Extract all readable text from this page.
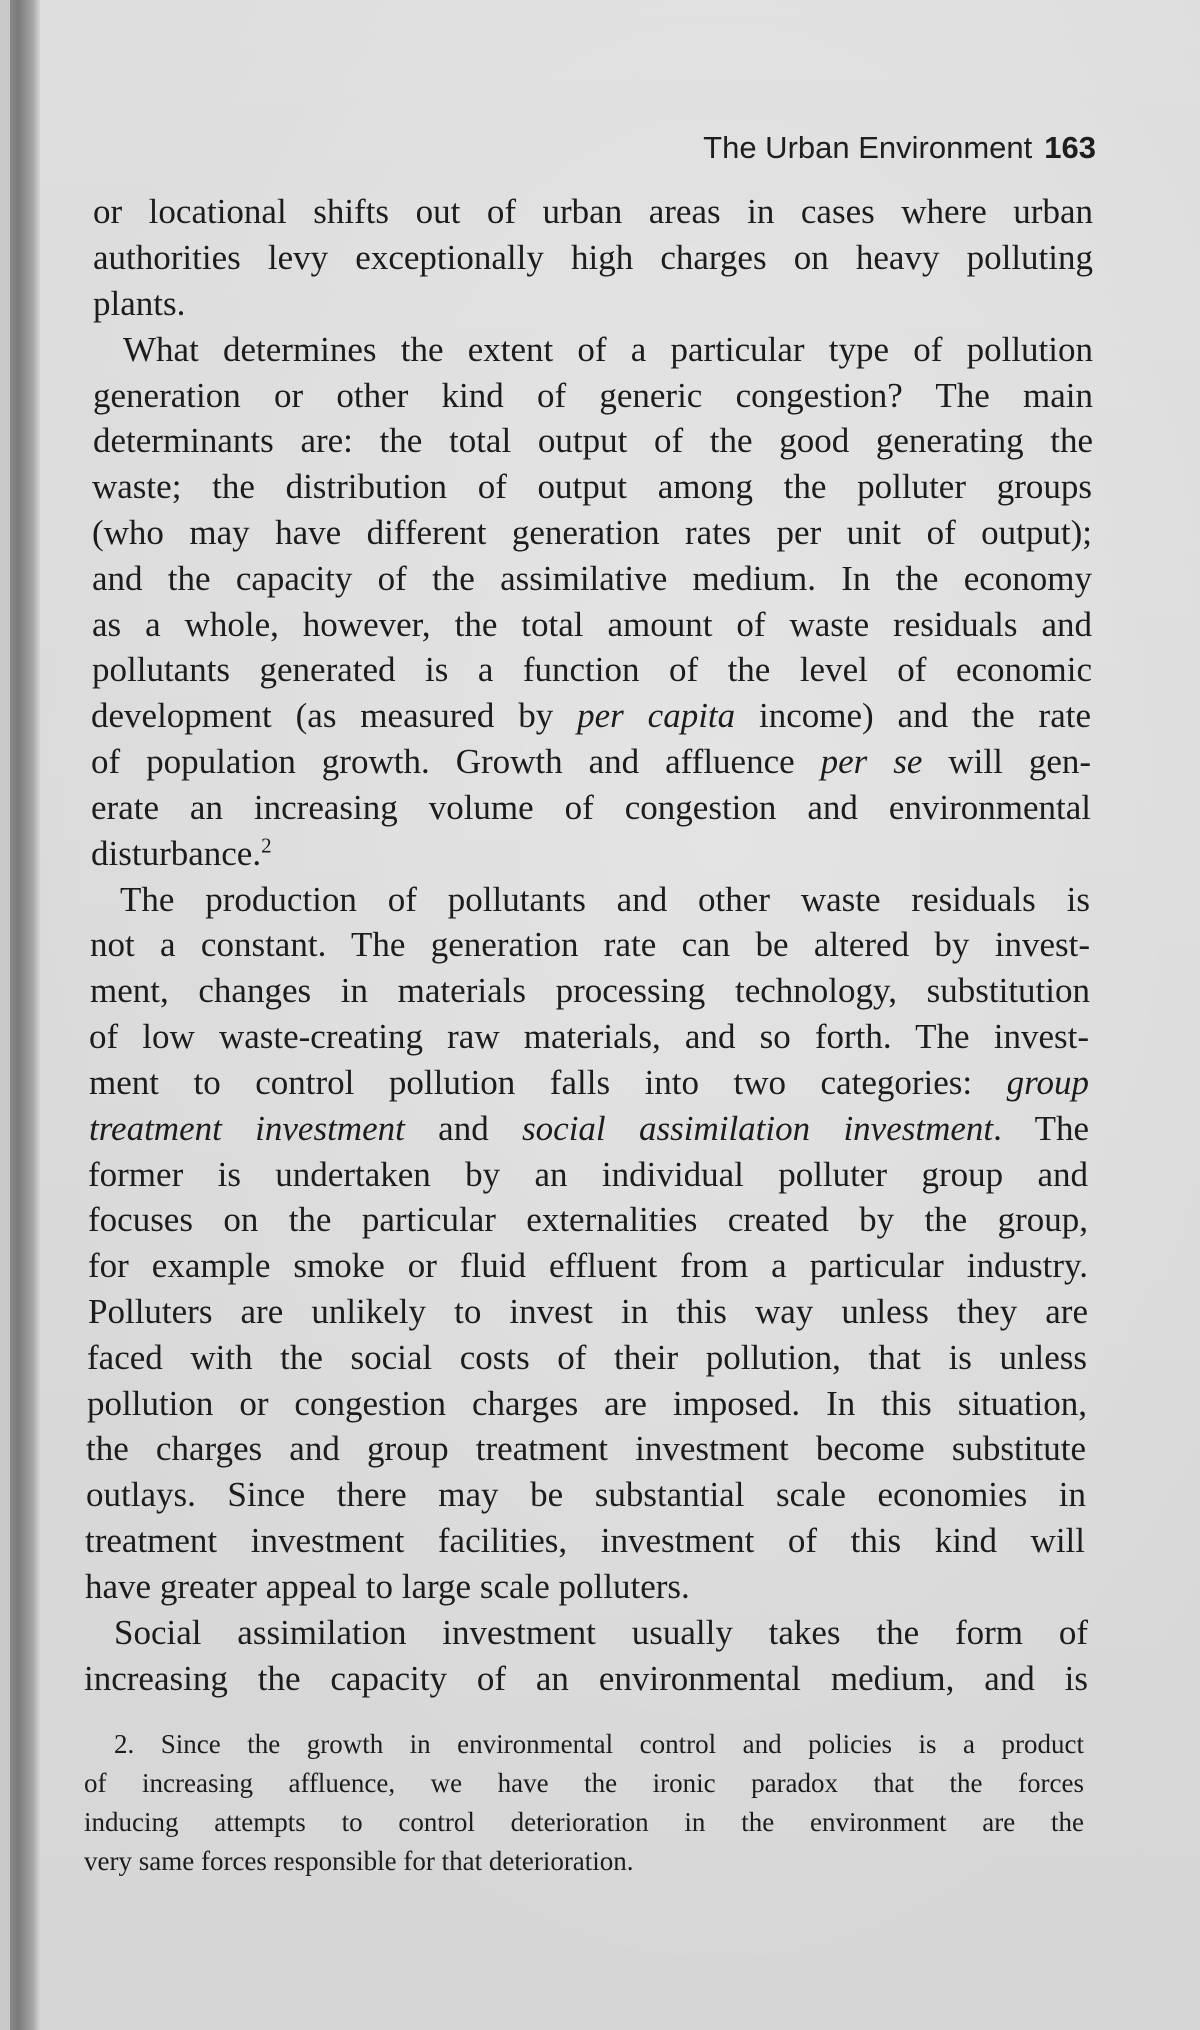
The Urban Environment 163
or locational shifts out of urban areas in cases where urban
authorities levy exceptionally high charges on heavy polluting
plants.
What determines the extent of a particular type of pollution
generation or other kind of generic congestion? The main
determinants are: the total output of the good generating the
waste; the distribution of output among the polluter groups
(who may have different generation rates per unit of output);
and the capacity of the assimilative medium. In the economy
as a whole, however, the total amount of waste residuals and
pollutants generated is a function of the level of economic
development (as measured by per capita income) and the rate
of population growth. Growth and affluence per se will gen-
erate an increasing volume of congestion and environmental
disturbance.$^2$
The production of pollutants and other waste residuals is
not a constant. The generation rate can be altered by invest-
ment, changes in materials processing technology, substitution
of low waste-creating raw materials, and so forth. The invest-
ment to control pollution falls into two categories: group
treatment investment and social assimilation investment. The
former is undertaken by an individual polluter group and
focuses on the particular externalities created by the group,
for example smoke or fluid effluent from a particular industry.
Polluters are unlikely to invest in this way unless they are
faced with the social costs of their pollution, that is unless
pollution or congestion charges are imposed. In this situation,
the charges and group treatment investment become substitute
outlays. Since there may be substantial scale economies in
treatment investment facilities, investment of this kind will
have greater appeal to large scale polluters.
Social assimilation investment usually takes the form of
increasing the capacity of an environmental medium, and is
2. Since the growth in environmental control and policies is a product
of increasing affluence, we have the ironic paradox that the forces
inducing attempts to control deterioration in the environment are the
very same forces responsible for that deterioration.
